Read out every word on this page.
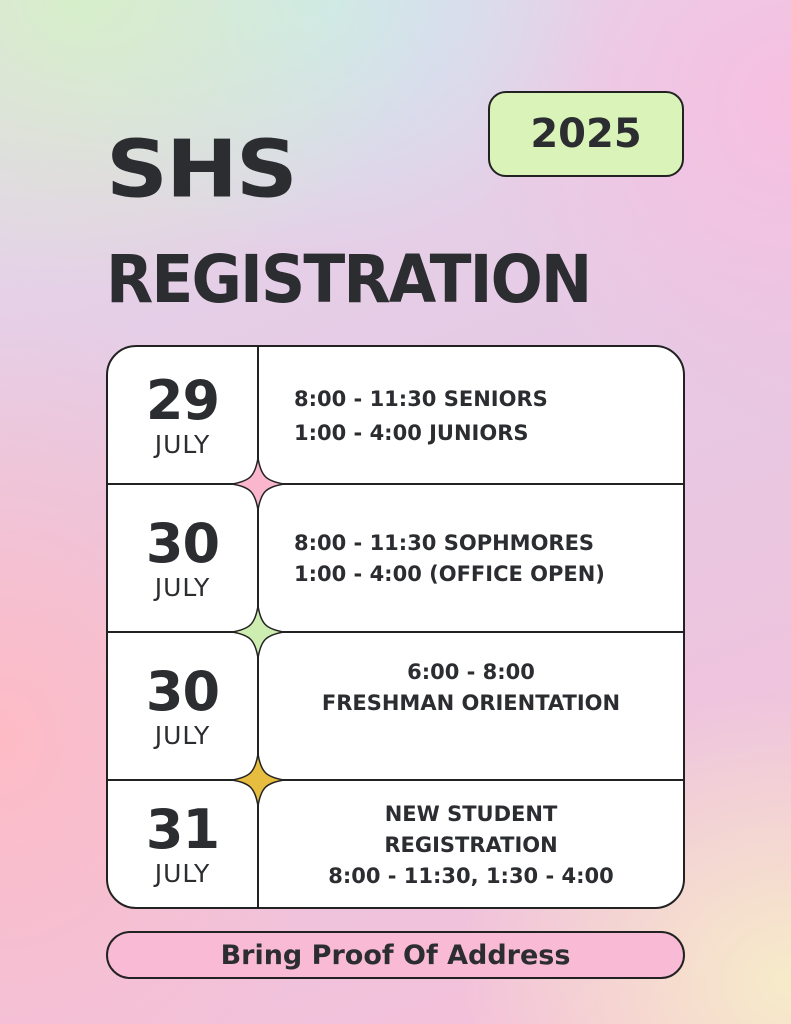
SHS
REGISTRATION
2025
29
JULY
8:00 - 11:30 SENIORS
1:00 - 4:00 JUNIORS
30
JULY
8:00 - 11:30 SOPHMORES
1:00 - 4:00 (OFFICE OPEN)
30
JULY
6:00 - 8:00
FRESHMAN ORIENTATION
31
JULY
NEW STUDENT
REGISTRATION
8:00 - 11:30, 1:30 - 4:00
Bring Proof Of Address
